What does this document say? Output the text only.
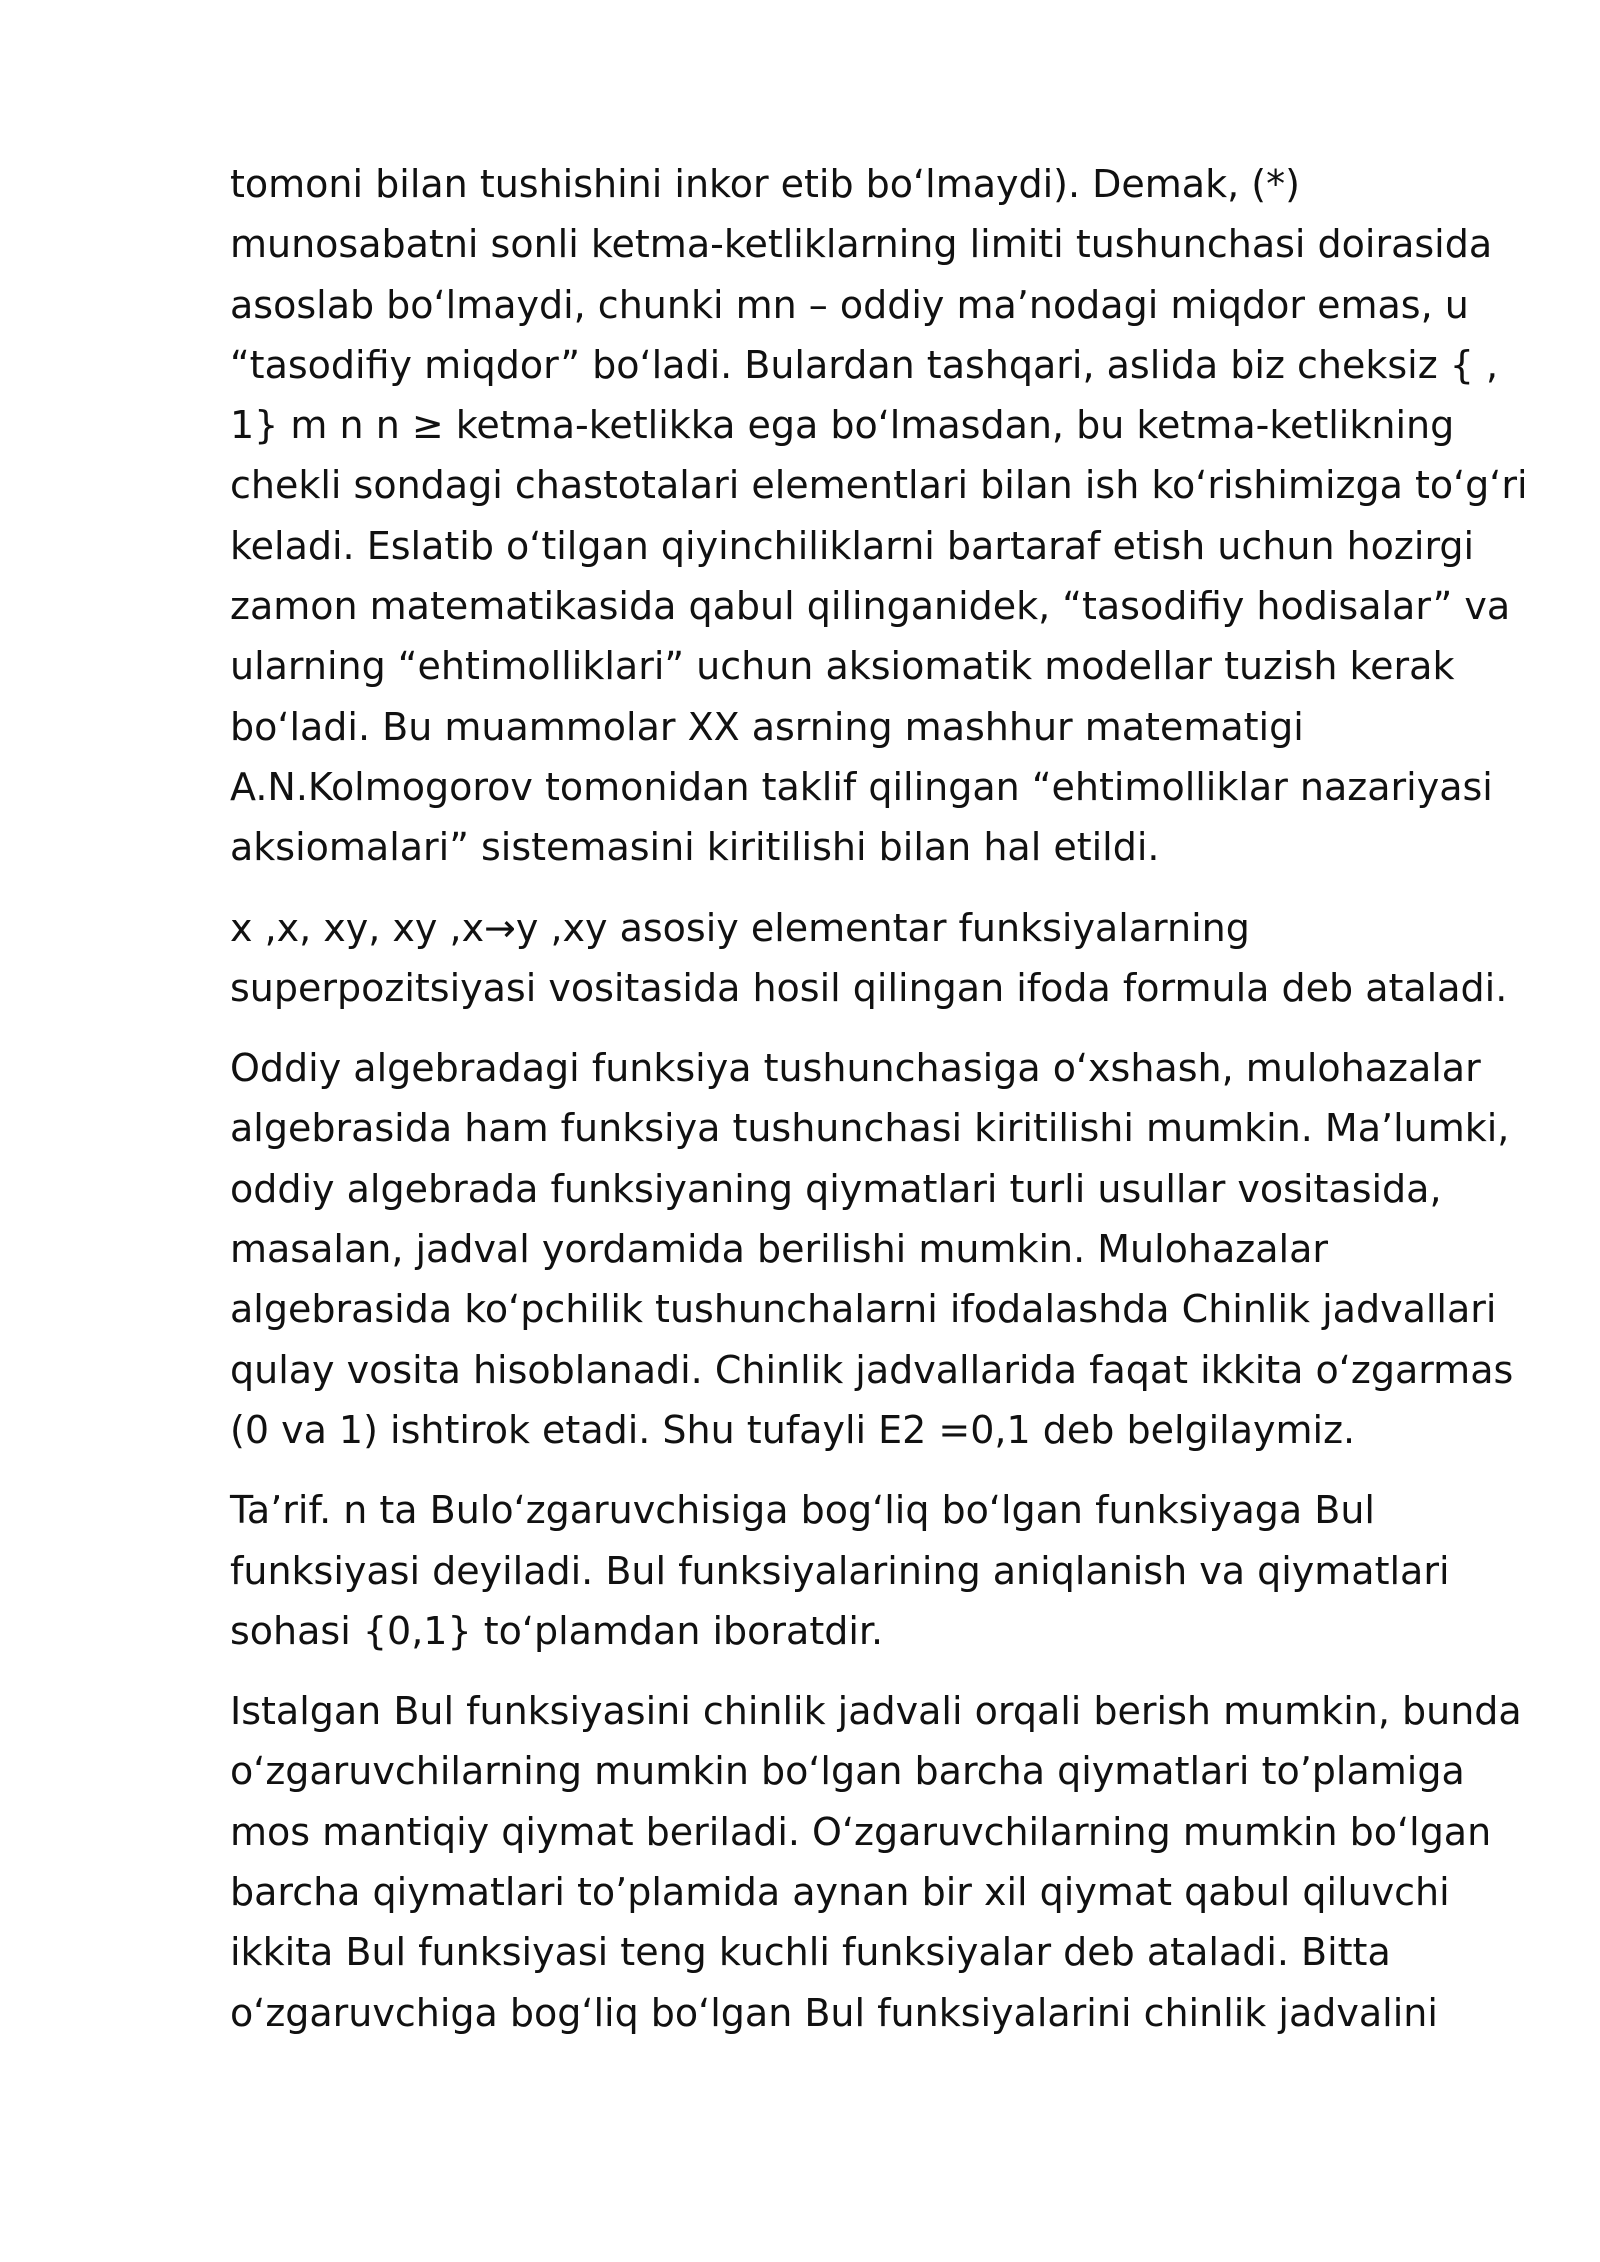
tomoni bilan tushishini inkor etib boʻlmaydi). Demak, (*)
munosabatni sonli ketma-ketliklarning limiti tushunchasi doirasida
asoslab boʻlmaydi, chunki mn – oddiy ma’nodagi miqdor emas, u
“tasodifiy miqdor” boʻladi. Bulardan tashqari, aslida biz cheksiz { ,
1} m n n ≥ ketma-ketlikka ega boʻlmasdan, bu ketma-ketlikning
chekli sondagi chastotalari elementlari bilan ish koʻrishimizga toʻgʻri
keladi. Eslatib oʻtilgan qiyinchiliklarni bartaraf etish uchun hozirgi
zamon matematikasida qabul qilinganidek, “tasodifiy hodisalar” va
ularning “ehtimolliklari” uchun aksiomatik modellar tuzish kerak
boʻladi. Bu muammolar XX asrning mashhur matematigi
A.N.Kolmogorov tomonidan taklif qilingan “ehtimolliklar nazariyasi
aksiomalari” sistemasini kiritilishi bilan hal etildi.

x ,x, xy, x￼y ,x→y ,x￼y asosiy elementar funksiyalarning
superpozitsiyasi vositasida hosil qilingan ifoda formula deb ataladi.

Oddiy algebradagi funksiya tushunchasiga oʻxshash, mulohazalar
algebrasida ham funksiya tushunchasi kiritilishi mumkin. Ma’lumki,
oddiy algebrada funksiyaning qiymatlari turli usullar vositasida,
masalan, jadval yordamida berilishi mumkin. Mulohazalar
algebrasida koʻpchilik tushunchalarni ifodalashda Chinlik jadvallari
qulay vosita hisoblanadi. Chinlik jadvallarida faqat ikkita oʻzgarmas
(0 va 1) ishtirok etadi. Shu tufayli E2 =￼0,1￼ deb belgilaymiz.

Ta’rif. n ta Buloʻzgaruvchisiga bogʻliq boʻlgan funksiyaga Bul
funksiyasi deyiladi. Bul funksiyalarining aniqlanish va qiymatlari
sohasi {0,1} toʻplamdan iboratdir.

Istalgan Bul funksiyasini chinlik jadvali orqali berish mumkin, bunda
oʻzgaruvchilarning mumkin boʻlgan barcha qiymatlari to’plamiga
mos mantiqiy qiymat beriladi. Oʻzgaruvchilarning mumkin boʻlgan
barcha qiymatlari to’plamida aynan bir xil qiymat qabul qiluvchi
ikkita Bul funksiyasi teng kuchli funksiyalar deb ataladi. Bitta
oʻzgaruvchiga bogʻliq boʻlgan Bul funksiyalarini chinlik jadvalini
